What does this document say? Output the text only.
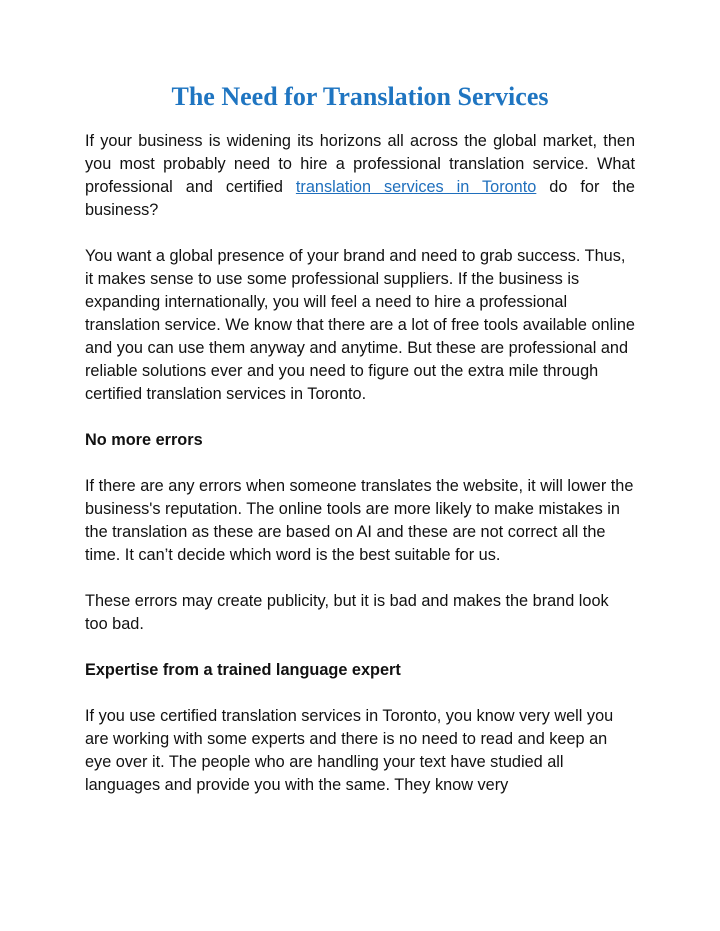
The Need for Translation Services

If your business is widening its horizons all across the global market, then you most probably need to hire a professional translation service. What professional and certified translation services in Toronto do for the business?

You want a global presence of your brand and need to grab success. Thus, it makes sense to use some professional suppliers. If the business is expanding internationally, you will feel a need to hire a professional translation service. We know that there are a lot of free tools available online and you can use them anyway and anytime. But these are professional and reliable solutions ever and you need to figure out the extra mile through certified translation services in Toronto.

No more errors

If there are any errors when someone translates the website, it will lower the business's reputation. The online tools are more likely to make mistakes in the translation as these are based on AI and these are not correct all the time. It can’t decide which word is the best suitable for us.

These errors may create publicity, but it is bad and makes the brand look too bad.

Expertise from a trained language expert

If you use certified translation services in Toronto, you know very well you are working with some experts and there is no need to read and keep an eye over it. The people who are handling your text have studied all languages and provide you with the same. They know very
